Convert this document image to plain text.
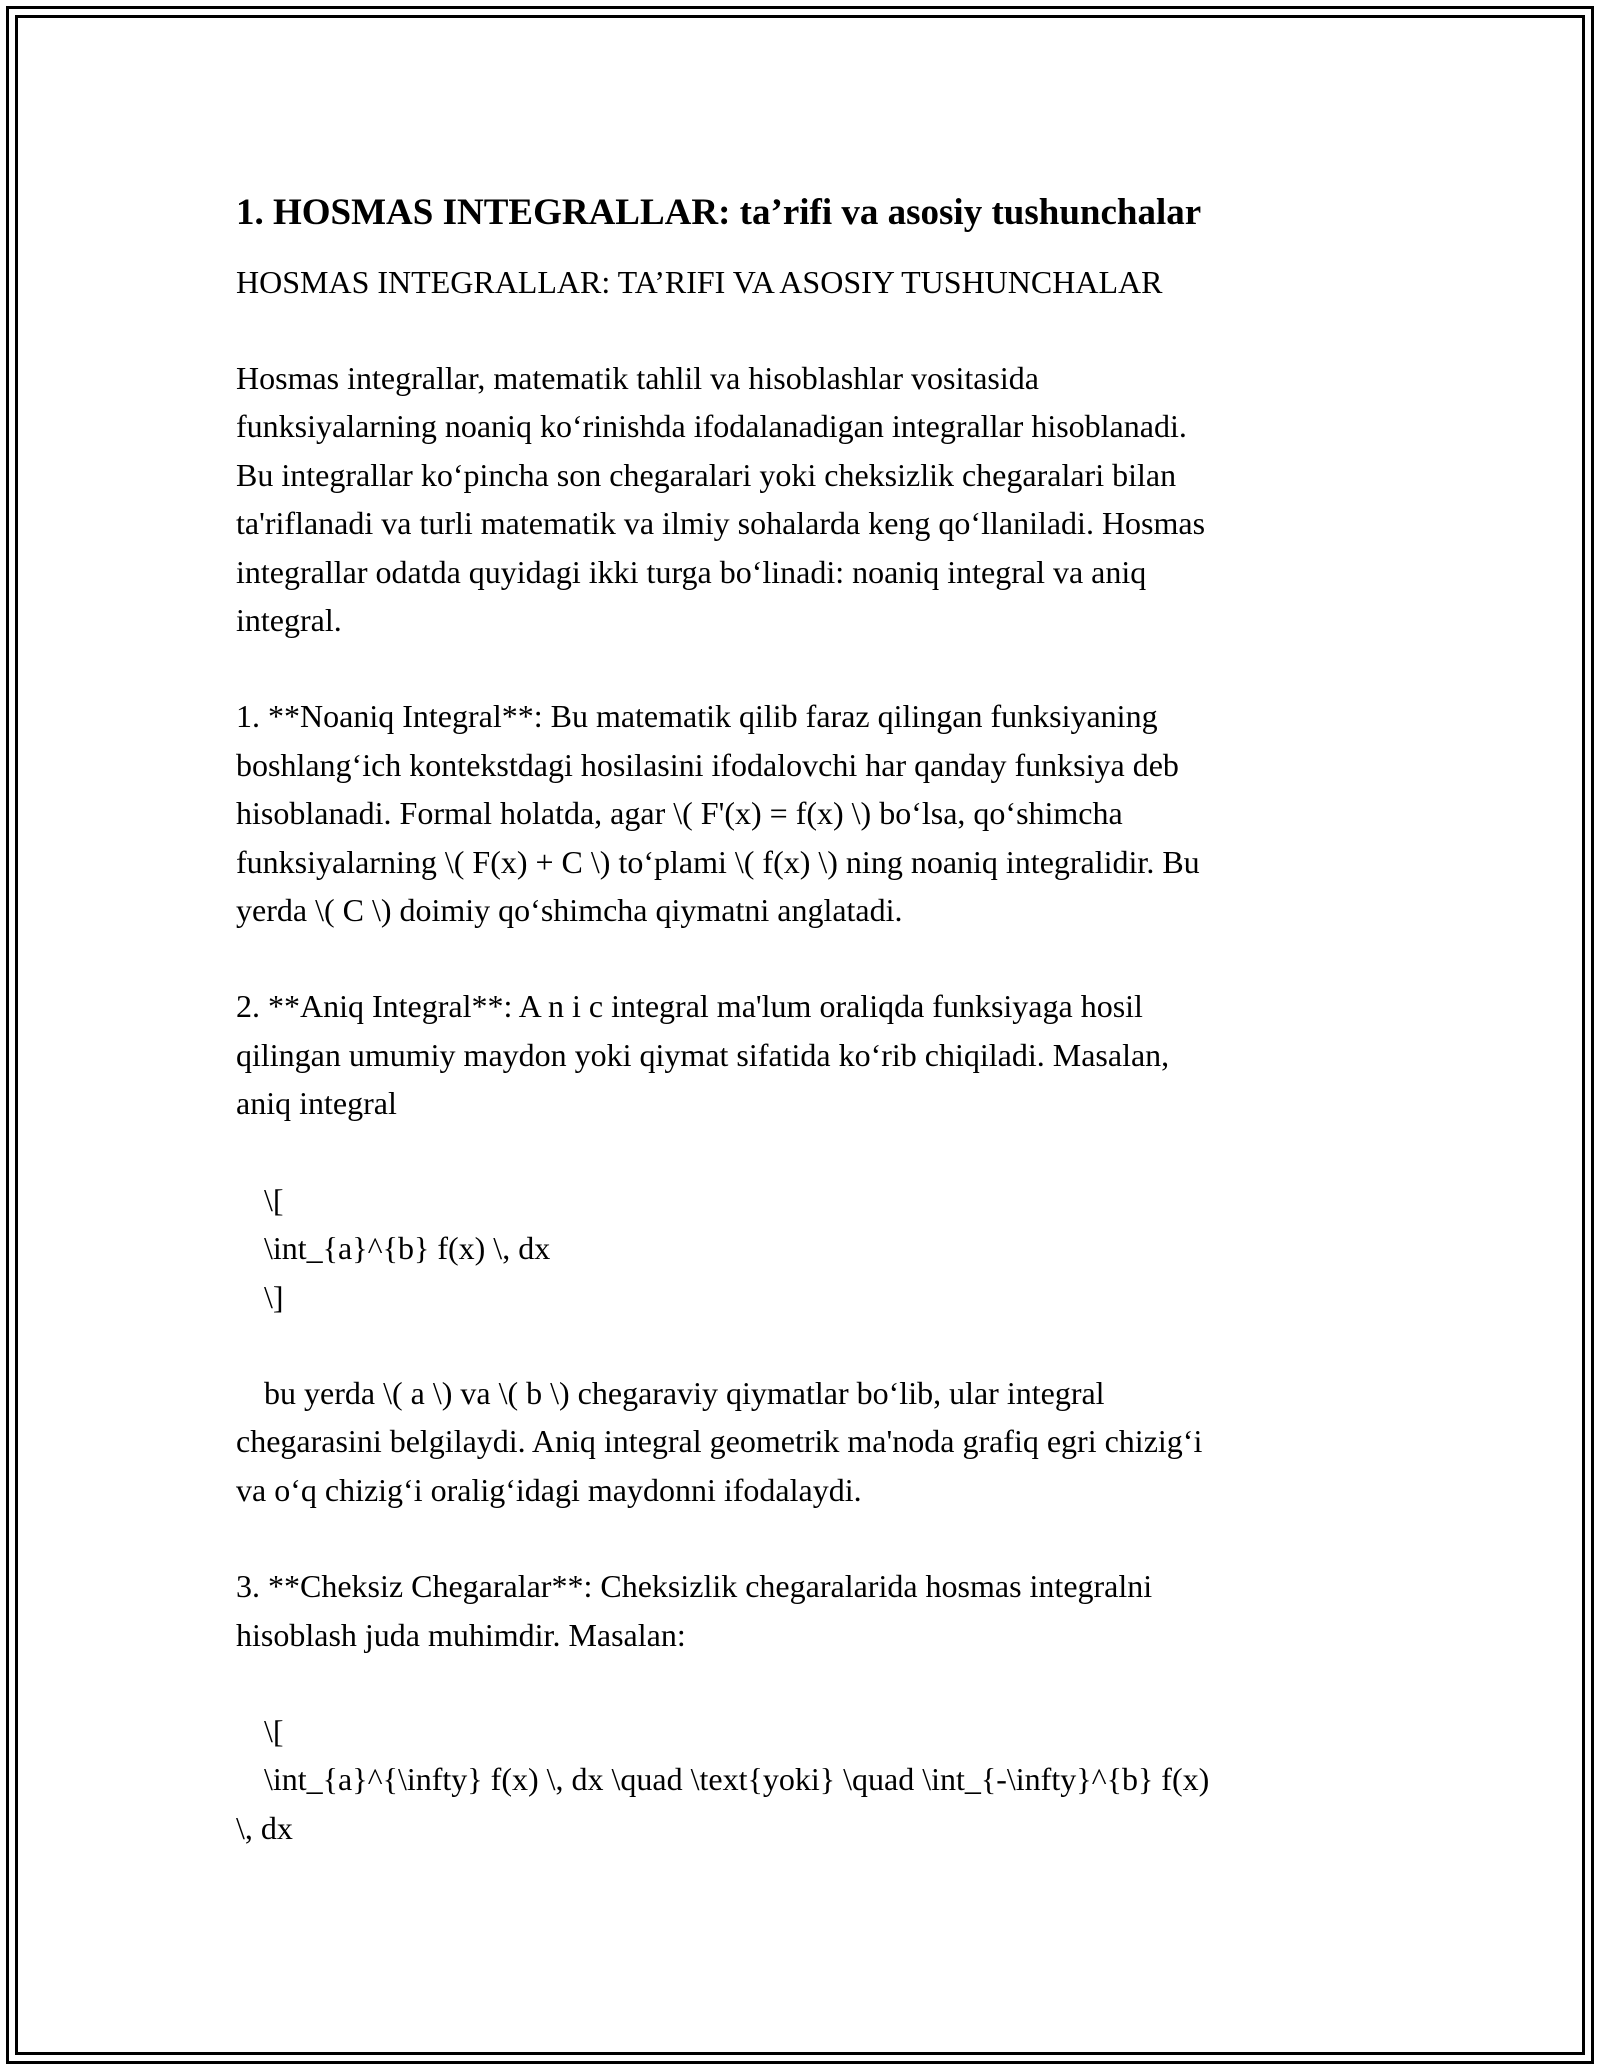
1. HOSMAS INTEGRALLAR: ta’rifi va asosiy tushunchalar
HOSMAS INTEGRALLAR: TA’RIFI VA ASOSIY TUSHUNCHALAR
Hosmas integrallar, matematik tahlil va hisoblashlar vositasida
funksiyalarning noaniq ko‘rinishda ifodalanadigan integrallar hisoblanadi.
Bu integrallar ko‘pincha son chegaralari yoki cheksizlik chegaralari bilan
ta'riflanadi va turli matematik va ilmiy sohalarda keng qo‘llaniladi. Hosmas
integrallar odatda quyidagi ikki turga bo‘linadi: noaniq integral va aniq
integral.
1. **Noaniq Integral**: Bu matematik qilib faraz qilingan funksiyaning
boshlang‘ich kontekstdagi hosilasini ifodalovchi har qanday funksiya deb
hisoblanadi. Formal holatda, agar \( F'(x) = f(x) \) bo‘lsa, qo‘shimcha
funksiyalarning \( F(x) + C \) to‘plami \( f(x) \) ning noaniq integralidir. Bu
yerda \( C \) doimiy qo‘shimcha qiymatni anglatadi.
2. **Aniq Integral**: A n i c integral ma'lum oraliqda funksiyaga hosil
qilingan umumiy maydon yoki qiymat sifatida ko‘rib chiqiladi. Masalan,
aniq integral
\[
\int_{a}^{b} f(x) \, dx
\]
bu yerda \( a \) va \( b \) chegaraviy qiymatlar bo‘lib, ular integral
chegarasini belgilaydi. Aniq integral geometrik ma'noda grafiq egri chizig‘i
va o‘q chizig‘i oralig‘idagi maydonni ifodalaydi.
3. **Cheksiz Chegaralar**: Cheksizlik chegaralarida hosmas integralni
hisoblash juda muhimdir. Masalan:
\[
\int_{a}^{\infty} f(x) \, dx \quad \text{yoki} \quad \int_{-\infty}^{b} f(x)
\, dx
